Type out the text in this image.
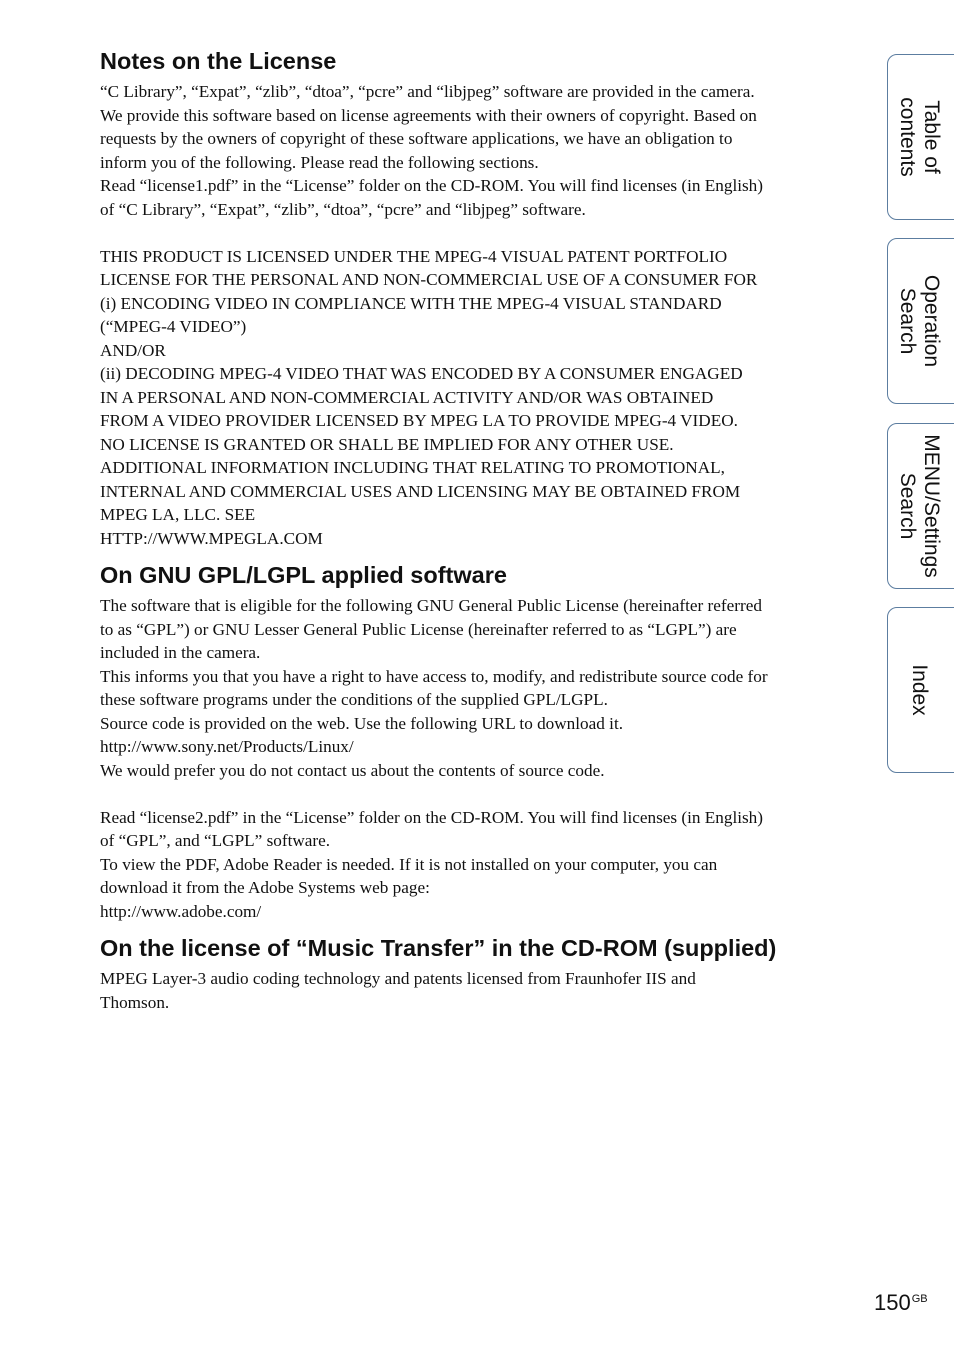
Notes on the License
“C Library”, “Expat”, “zlib”, “dtoa”, “pcre” and “libjpeg” software are provided in the camera.
We provide this software based on license agreements with their owners of copyright. Based on
requests by the owners of copyright of these software applications, we have an obligation to
inform you of the following. Please read the following sections.
Read “license1.pdf” in the “License” folder on the CD-ROM. You will find licenses (in English)
of “C Library”, “Expat”, “zlib”, “dtoa”, “pcre” and “libjpeg” software.
THIS PRODUCT IS LICENSED UNDER THE MPEG-4 VISUAL PATENT PORTFOLIO
LICENSE FOR THE PERSONAL AND NON-COMMERCIAL USE OF A CONSUMER FOR
(i) ENCODING VIDEO IN COMPLIANCE WITH THE MPEG-4 VISUAL STANDARD
(“MPEG-4 VIDEO”)
AND/OR
(ii) DECODING MPEG-4 VIDEO THAT WAS ENCODED BY A CONSUMER ENGAGED
IN A PERSONAL AND NON-COMMERCIAL ACTIVITY AND/OR WAS OBTAINED
FROM A VIDEO PROVIDER LICENSED BY MPEG LA TO PROVIDE MPEG-4 VIDEO.
NO LICENSE IS GRANTED OR SHALL BE IMPLIED FOR ANY OTHER USE.
ADDITIONAL INFORMATION INCLUDING THAT RELATING TO PROMOTIONAL,
INTERNAL AND COMMERCIAL USES AND LICENSING MAY BE OBTAINED FROM
MPEG LA, LLC. SEE
HTTP://WWW.MPEGLA.COM
On GNU GPL/LGPL applied software
The software that is eligible for the following GNU General Public License (hereinafter referred
to as “GPL”) or GNU Lesser General Public License (hereinafter referred to as “LGPL”) are
included in the camera.
This informs you that you have a right to have access to, modify, and redistribute source code for
these software programs under the conditions of the supplied GPL/LGPL.
Source code is provided on the web. Use the following URL to download it.
http://www.sony.net/Products/Linux/
We would prefer you do not contact us about the contents of source code.
Read “license2.pdf” in the “License” folder on the CD-ROM. You will find licenses (in English)
of “GPL”, and “LGPL” software.
To view the PDF, Adobe Reader is needed. If it is not installed on your computer, you can
download it from the Adobe Systems web page:
http://www.adobe.com/
On the license of “Music Transfer” in the CD-ROM (supplied)
MPEG Layer-3 audio coding technology and patents licensed from Fraunhofer IIS and
Thomson.
Table of
contents
Operation
Search
MENU/Settings
Search
Index
$150^{GB}$
